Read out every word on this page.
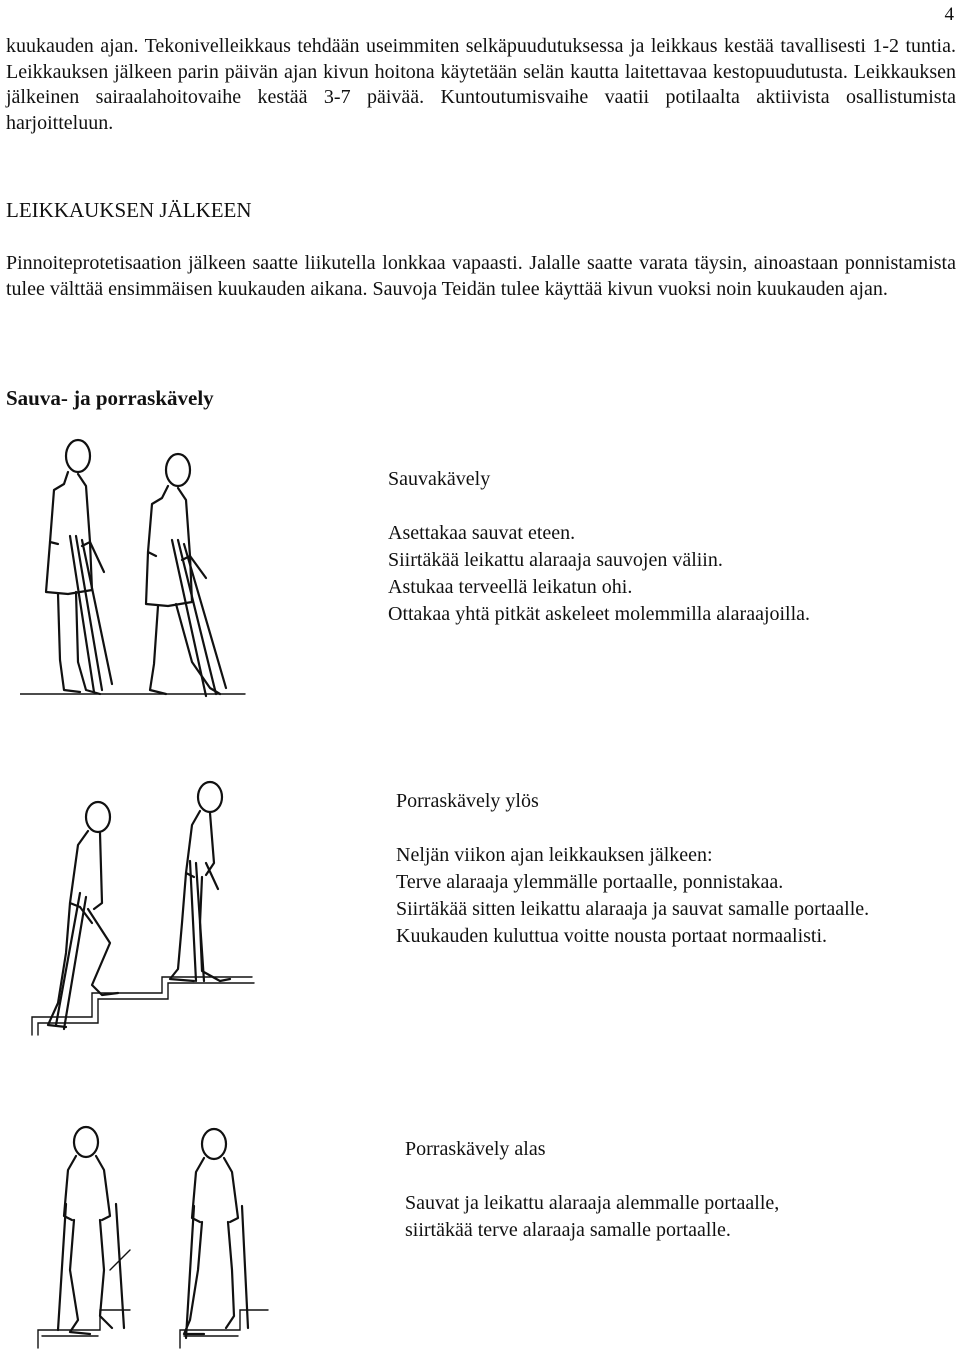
4

kuukauden ajan. Tekonivelleikkaus tehdään useimmiten selkäpuudutuksessa ja leikkaus kestää tavallisesti 1-2 tuntia. Leikkauksen jälkeen parin päivän ajan kivun hoitona käytetään selän kautta laitettavaa kestopuudutusta. Leikkauksen jälkeinen sairaalahoitovaihe kestää 3-7 päivää. Kuntoutumisvaihe vaatii potilaalta aktiivista osallistumista harjoitteluun.

LEIKKAUKSEN JÄLKEEN

Pinnoiteprotetisaation jälkeen saatte liikutella lonkkaa vapaasti. Jalalle saatte varata täysin, ainoastaan ponnistamista tulee välttää ensimmäisen kuukauden aikana. Sauvoja Teidän tulee käyttää kivun vuoksi noin kuukauden ajan.

Sauva- ja porraskävely
Sauvakävely
Asettakaa sauvat eteen.
Siirtäkää leikattu alaraaja sauvojen väliin.
Astukaa terveellä leikatun ohi.
Ottakaa yhtä pitkät askeleet molemmilla alaraajoilla.
Porraskävely ylös
Neljän viikon ajan leikkauksen jälkeen:
Terve alaraaja ylemmälle portaalle, ponnistakaa.
Siirtäkää sitten leikattu alaraaja ja sauvat samalle portaalle.
Kuukauden kuluttua voitte nousta portaat normaalisti.
Porraskävely alas
Sauvat ja leikattu alaraaja alemmalle portaalle,
siirtäkää terve alaraaja samalle portaalle.
